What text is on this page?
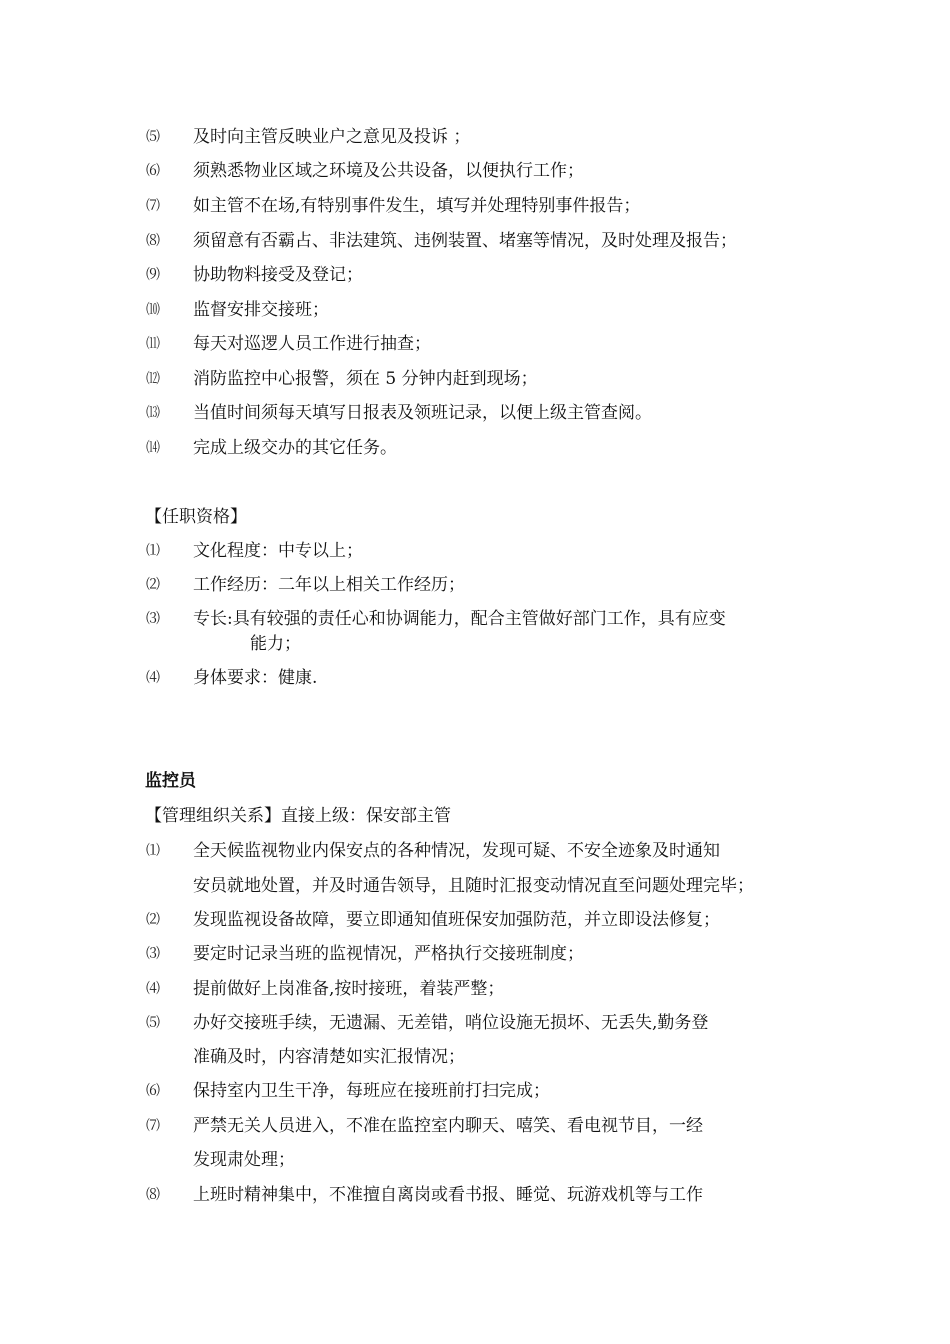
⑸ 及时向主管反映业户之意见及投诉 ；
⑹ 须熟悉物业区域之环境及公共设备，以便执行工作；
⑺ 如主管不在场,有特别事件发生，填写并处理特别事件报告；
⑻ 须留意有否霸占、非法建筑、违例装置、堵塞等情况，及时处理及报告；
⑼ 协助物料接受及登记；
⑽ 监督安排交接班；
⑾ 每天对巡逻人员工作进行抽查；
⑿ 消防监控中心报警，须在 5 分钟内赶到现场；
⒀ 当值时间须每天填写日报表及领班记录，以便上级主管查阅。
⒁ 完成上级交办的其它任务。
【任职资格】
⑴ 文化程度：中专以上；
⑵ 工作经历：二年以上相关工作经历；
⑶ 专长:具有较强的责任心和协调能力，配合主管做好部门工作，具有应变
能力；
⑷ 身体要求：健康.
监控员
【管理组织关系】直接上级：保安部主管
⑴ 全天候监视物业内保安点的各种情况，发现可疑、不安全迹象及时通知
安员就地处置，并及时通告领导，且随时汇报变动情况直至问题处理完毕；
⑵ 发现监视设备故障，要立即通知值班保安加强防范，并立即设法修复；
⑶ 要定时记录当班的监视情况，严格执行交接班制度；
⑷ 提前做好上岗准备,按时接班，着装严整；
⑸ 办好交接班手续，无遗漏、无差错，哨位设施无损坏、无丢失,勤务登
准确及时，内容清楚如实汇报情况；
⑹ 保持室内卫生干净，每班应在接班前打扫完成；
⑺ 严禁无关人员进入，不准在监控室内聊天、嘻笑、看电视节目，一经
发现肃处理；
⑻ 上班时精神集中，不准擅自离岗或看书报、睡觉、玩游戏机等与工作
